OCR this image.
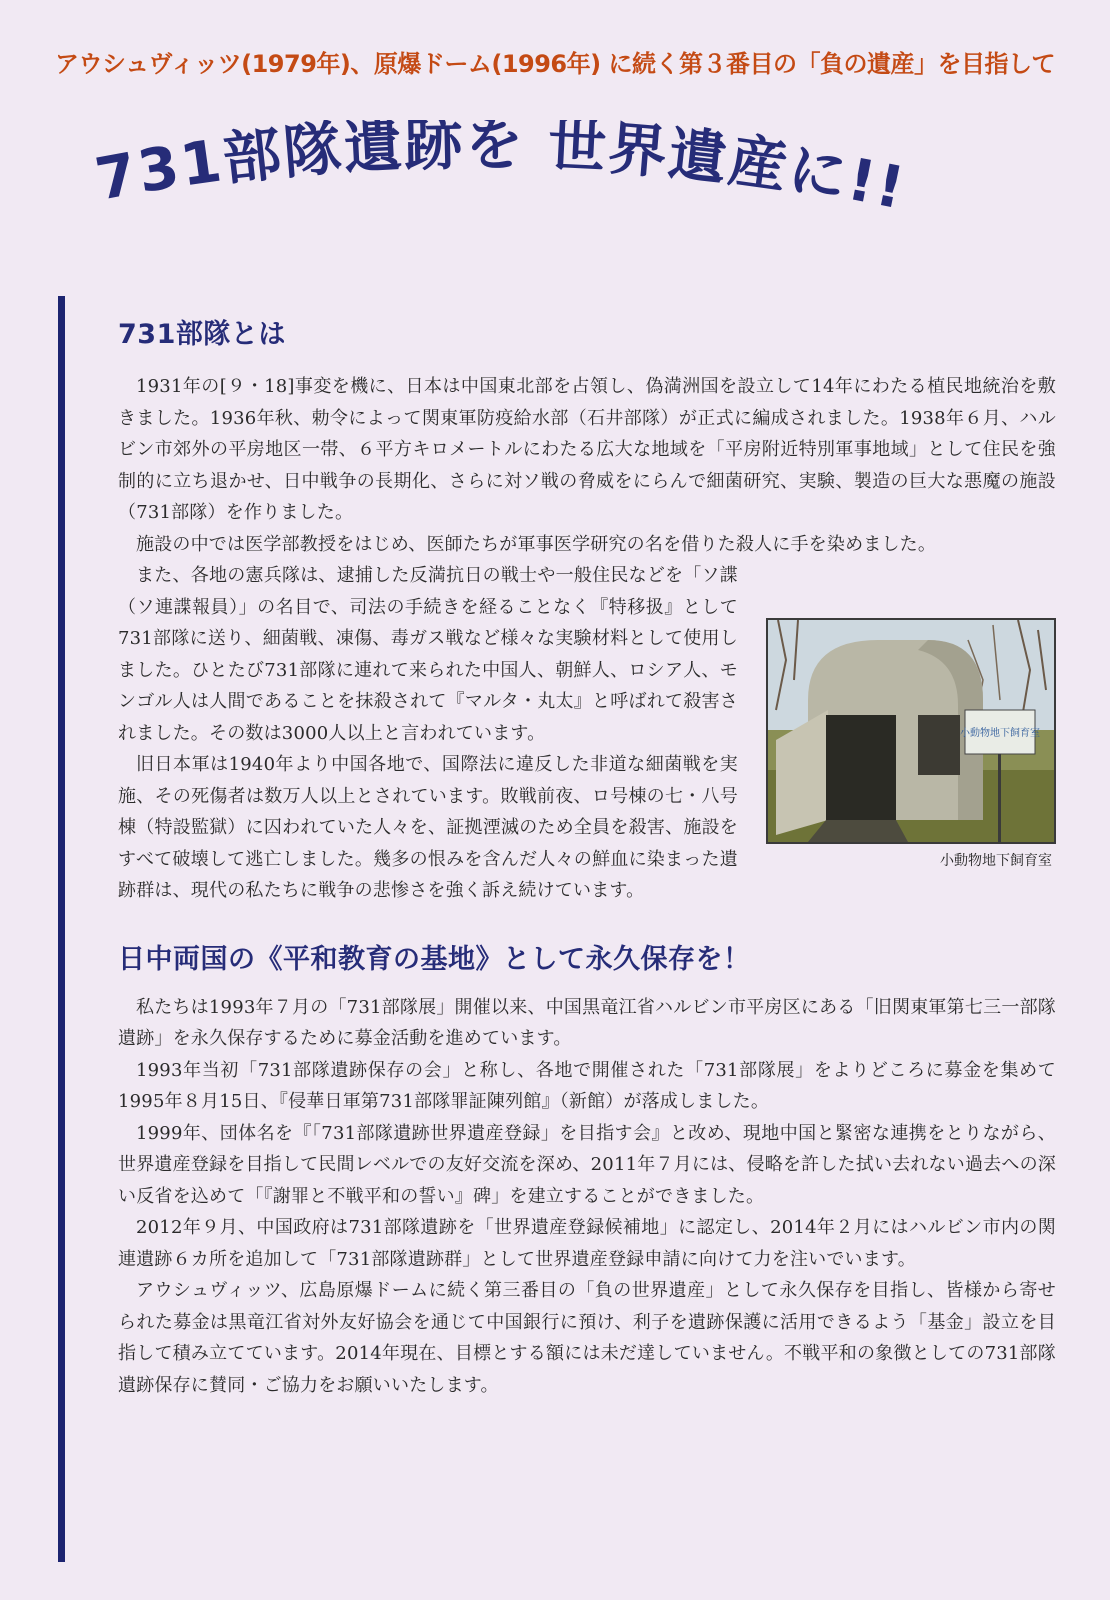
アウシュヴィッツ(1979年)、原爆ドーム(1996年) に続く第３番目の「負の遺産」を目指して
731部隊遺跡を 世界遺産に!!
731部隊とは

1931年の[９・18]事変を機に、日本は中国東北部を占領し、偽満洲国を設立して14年にわたる植民地統治を敷きました。1936年秋、勅令によって関東軍防疫給水部（石井部隊）が正式に編成されました。1938年６月、ハルビン市郊外の平房地区一帯、６平方キロメートルにわたる広大な地域を「平房附近特別軍事地域」として住民を強制的に立ち退かせ、日中戦争の長期化、さらに対ソ戦の脅威をにらんで細菌研究、実験、製造の巨大な悪魔の施設（731部隊）を作りました。

施設の中では医学部教授をはじめ、医師たちが軍事医学研究の名を借りた殺人に手を染めました。

小動物地下飼育室
小動物地下飼育室

また、各地の憲兵隊は、逮捕した反満抗日の戦士や一般住民などを「ソ諜（ソ連諜報員）」の名目で、司法の手続きを経ることなく『特移扱』として731部隊に送り、細菌戦、凍傷、毒ガス戦など様々な実験材料として使用しました。ひとたび731部隊に連れて来られた中国人、朝鮮人、ロシア人、モンゴル人は人間であることを抹殺されて『マルタ・丸太』と呼ばれて殺害されました。その数は3000人以上と言われています。

旧日本軍は1940年より中国各地で、国際法に違反した非道な細菌戦を実施、その死傷者は数万人以上とされています。敗戦前夜、ロ号棟の七・八号棟（特設監獄）に囚われていた人々を、証拠湮滅のため全員を殺害、施設をすべて破壊して逃亡しました。幾多の恨みを含んだ人々の鮮血に染まった遺跡群は、現代の私たちに戦争の悲惨さを強く訴え続けています。

日中両国の《平和教育の基地》として永久保存を！

私たちは1993年７月の「731部隊展」開催以来、中国黒竜江省ハルビン市平房区にある「旧関東軍第七三一部隊遺跡」を永久保存するために募金活動を進めています。

1993年当初「731部隊遺跡保存の会」と称し、各地で開催された「731部隊展」をよりどころに募金を集めて1995年８月15日、『侵華日軍第731部隊罪証陳列館』（新館）が落成しました。

1999年、団体名を『「731部隊遺跡世界遺産登録」を目指す会』と改め、現地中国と緊密な連携をとりながら、世界遺産登録を目指して民間レベルでの友好交流を深め、2011年７月には、侵略を許した拭い去れない過去への深い反省を込めて「『謝罪と不戦平和の誓い』碑」を建立することができました。

2012年９月、中国政府は731部隊遺跡を「世界遺産登録候補地」に認定し、2014年２月にはハルビン市内の関連遺跡６カ所を追加して「731部隊遺跡群」として世界遺産登録申請に向けて力を注いでいます。

アウシュヴィッツ、広島原爆ドームに続く第三番目の「負の世界遺産」として永久保存を目指し、皆様から寄せられた募金は黒竜江省対外友好協会を通じて中国銀行に預け、利子を遺跡保護に活用できるよう「基金」設立を目指して積み立てています。2014年現在、目標とする額には未だ達していません。不戦平和の象徴としての731部隊遺跡保存に賛同・ご協力をお願いいたします。
